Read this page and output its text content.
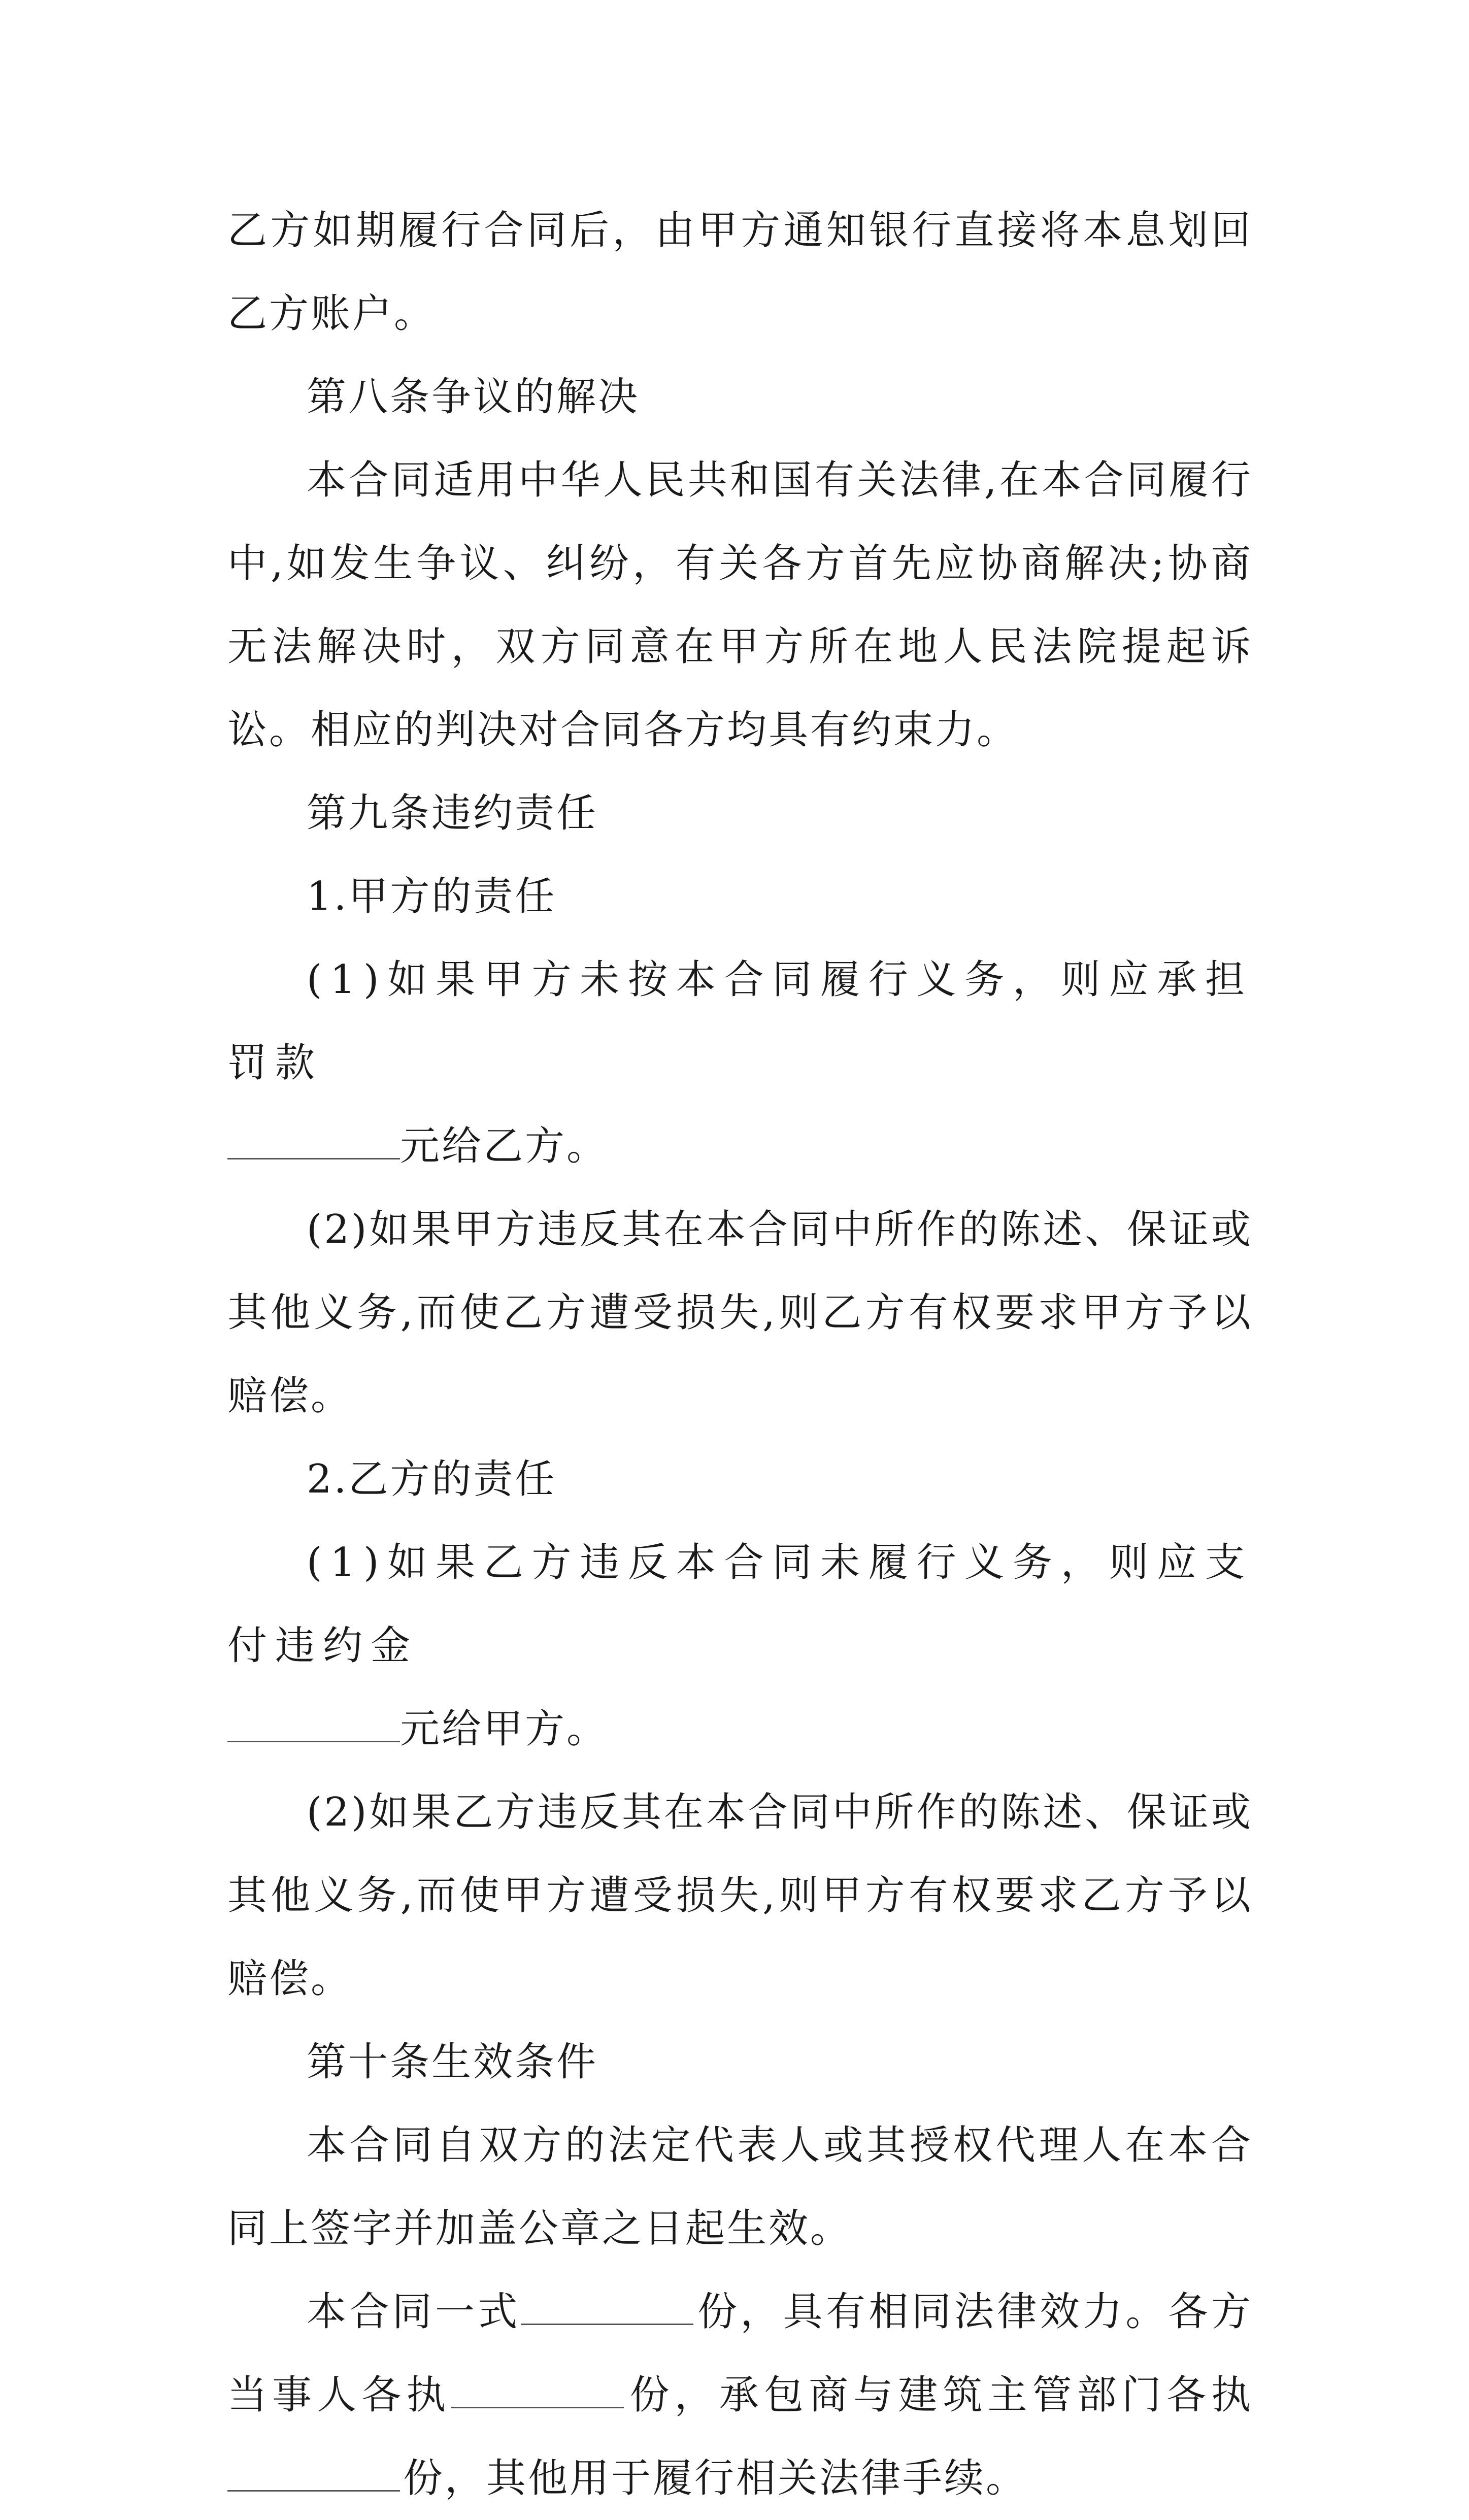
乙方如期履行合同后，由甲方通知银行直接将本息划回乙方账户。

第八条争议的解决

本合同适用中华人民共和国有关法律,在本合同履行中,如发生争议、纠纷，有关各方首先应协商解决;协商无法解决时，双方同意在甲方所在地人民法院提起诉讼。相应的判决对合同各方均具有约束力。

第九条违约责任

1.甲方的责任

(1)如果甲方未按本合同履行义务，则应承担罚款

元给乙方。

(2)如果甲方违反其在本合同中所作的陈述、保证或其他义务,而使乙方遭受损失,则乙方有权要求甲方予以赔偿。

2.乙方的责任

(1)如果乙方违反本合同未履行义务，则应支付违约金

元给甲方。

(2)如果乙方违反其在本合同中所作的陈述、保证或其他义务,而使甲方遭受损失,则甲方有权要求乙方予以赔偿。

第十条生效条件

本合同自双方的法定代表人或其授权代理人在本合同上签字并加盖公章之日起生效。

本合同一式	份，具有相同法律效力。各方当事人各执	份，承包商与建筑主管部门各执份，其他用于履行相关法律手续。
